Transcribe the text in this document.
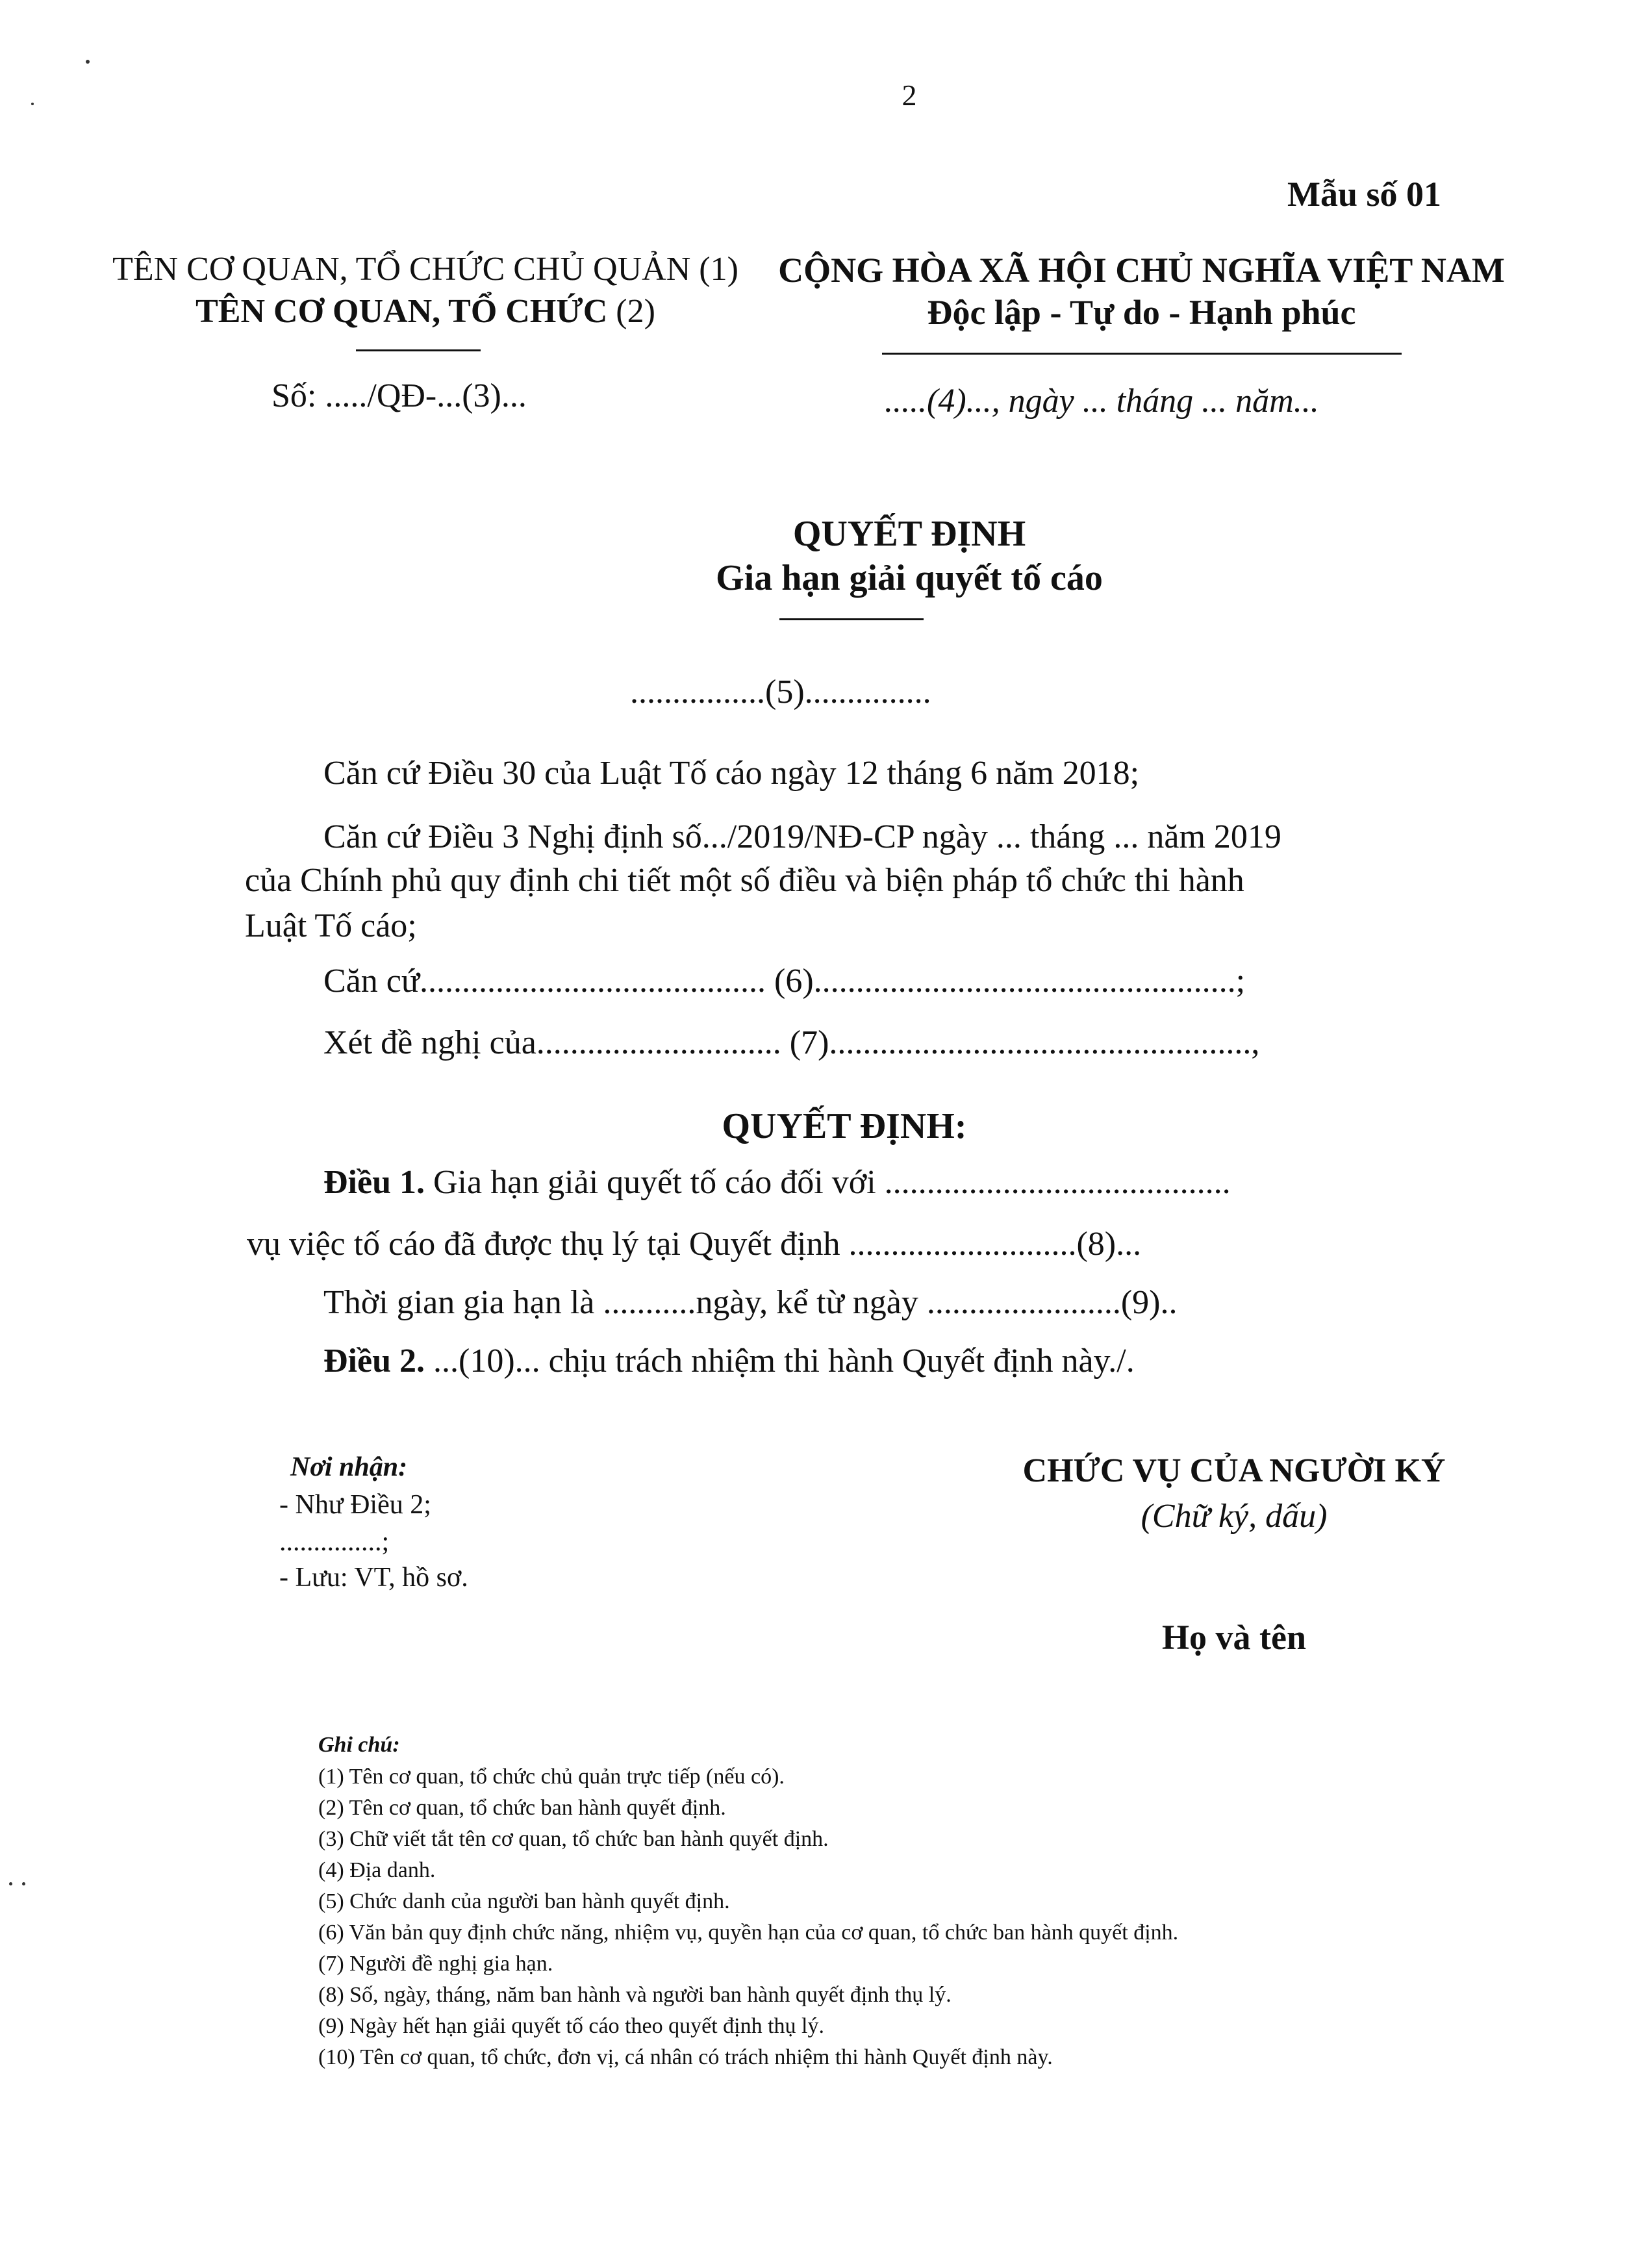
2
Mẫu số 01
TÊN CƠ QUAN, TỔ CHỨC CHỦ QUẢN (1)
TÊN CƠ QUAN, TỔ CHỨC (2)
Số: ...../QĐ-...(3)...
CỘNG HÒA XÃ HỘI CHỦ NGHĨA VIỆT NAM
Độc lập - Tự do - Hạnh phúc
.....(4)..., ngày ... tháng ... năm...
QUYẾT ĐỊNH
Gia hạn giải quyết tố cáo
................(5)...............
Căn cứ Điều 30 của Luật Tố cáo ngày 12 tháng 6 năm 2018;
Căn cứ Điều 3 Nghị định số.../2019/NĐ-CP ngày ... tháng ... năm 2019
của Chính phủ quy định chi tiết một số điều và biện pháp tổ chức thi hành
Luật Tố cáo;
Căn cứ......................................... (6)..................................................;
Xét đề nghị của............................. (7)..................................................,
QUYẾT ĐỊNH:
Điều 1. Gia hạn giải quyết tố cáo đối với .........................................
vụ việc tố cáo đã được thụ lý tại Quyết định ...........................(8)...
Thời gian gia hạn là ...........ngày, kể từ ngày .......................(9)..
Điều 2. ...(10)... chịu trách nhiệm thi hành Quyết định này./.
Nơi nhận:
- Như Điều 2;
...............;
- Lưu: VT, hồ sơ.
CHỨC VỤ CỦA NGƯỜI KÝ
(Chữ ký, dấu)
Họ và tên
Ghi chú:
(1) Tên cơ quan, tổ chức chủ quản trực tiếp (nếu có).
(2) Tên cơ quan, tổ chức ban hành quyết định.
(3) Chữ viết tắt tên cơ quan, tổ chức ban hành quyết định.
(4) Địa danh.
(5) Chức danh của người ban hành quyết định.
(6) Văn bản quy định chức năng, nhiệm vụ, quyền hạn của cơ quan, tổ chức ban hành quyết định.
(7) Người đề nghị gia hạn.
(8) Số, ngày, tháng, năm ban hành và người ban hành quyết định thụ lý.
(9) Ngày hết hạn giải quyết tố cáo theo quyết định thụ lý.
(10) Tên cơ quan, tổ chức, đơn vị, cá nhân có trách nhiệm thi hành Quyết định này.
